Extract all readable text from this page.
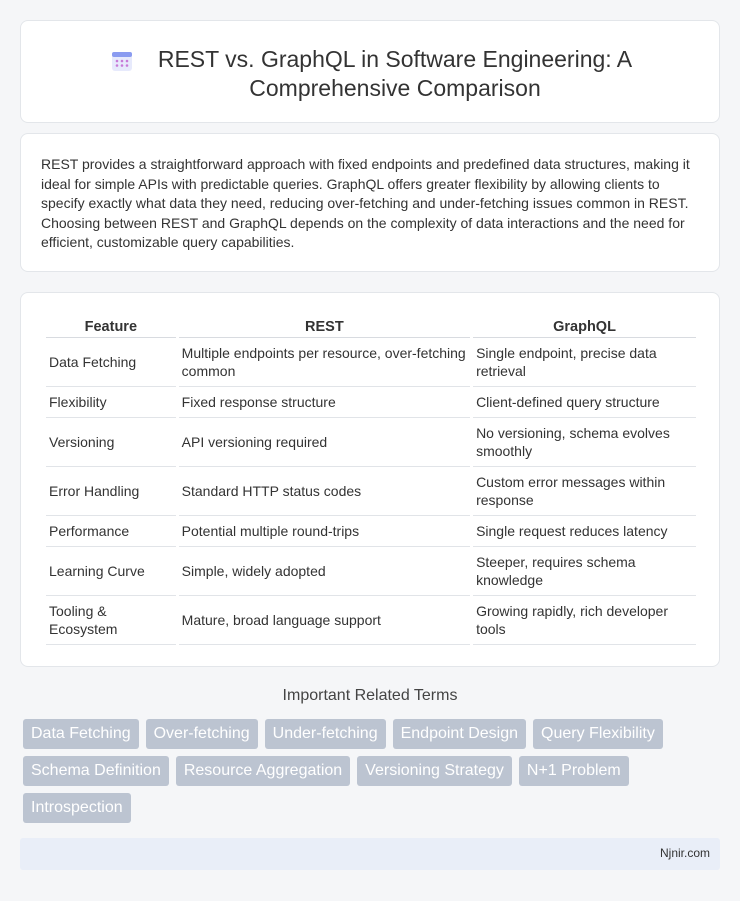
REST vs. GraphQL in Software Engineering: A Comprehensive Comparison

REST provides a straightforward approach with fixed endpoints and predefined data structures, making it ideal for simple APIs with predictable queries. GraphQL offers greater flexibility by allowing clients to specify exactly what data they need, reducing over-fetching and under-fetching issues common in REST. Choosing between REST and GraphQL depends on the complexity of data interactions and the need for efficient, customizable query capabilities.

Feature	REST	GraphQL
Data Fetching	Multiple endpoints per resource, over-fetching common	Single endpoint, precise data retrieval
Flexibility	Fixed response structure	Client-defined query structure
Versioning	API versioning required	No versioning, schema evolves smoothly
Error Handling	Standard HTTP status codes	Custom error messages within response
Performance	Potential multiple round-trips	Single request reduces latency
Learning Curve	Simple, widely adopted	Steeper, requires schema knowledge
Tooling & Ecosystem	Mature, broad language support	Growing rapidly, rich developer tools
Important Related Terms
Data Fetching	Over-fetching	Under-fetching	Endpoint Design	Query Flexibility
Schema Definition	Resource Aggregation	Versioning Strategy	N+1 Problem
Introspection
Njnir.com
